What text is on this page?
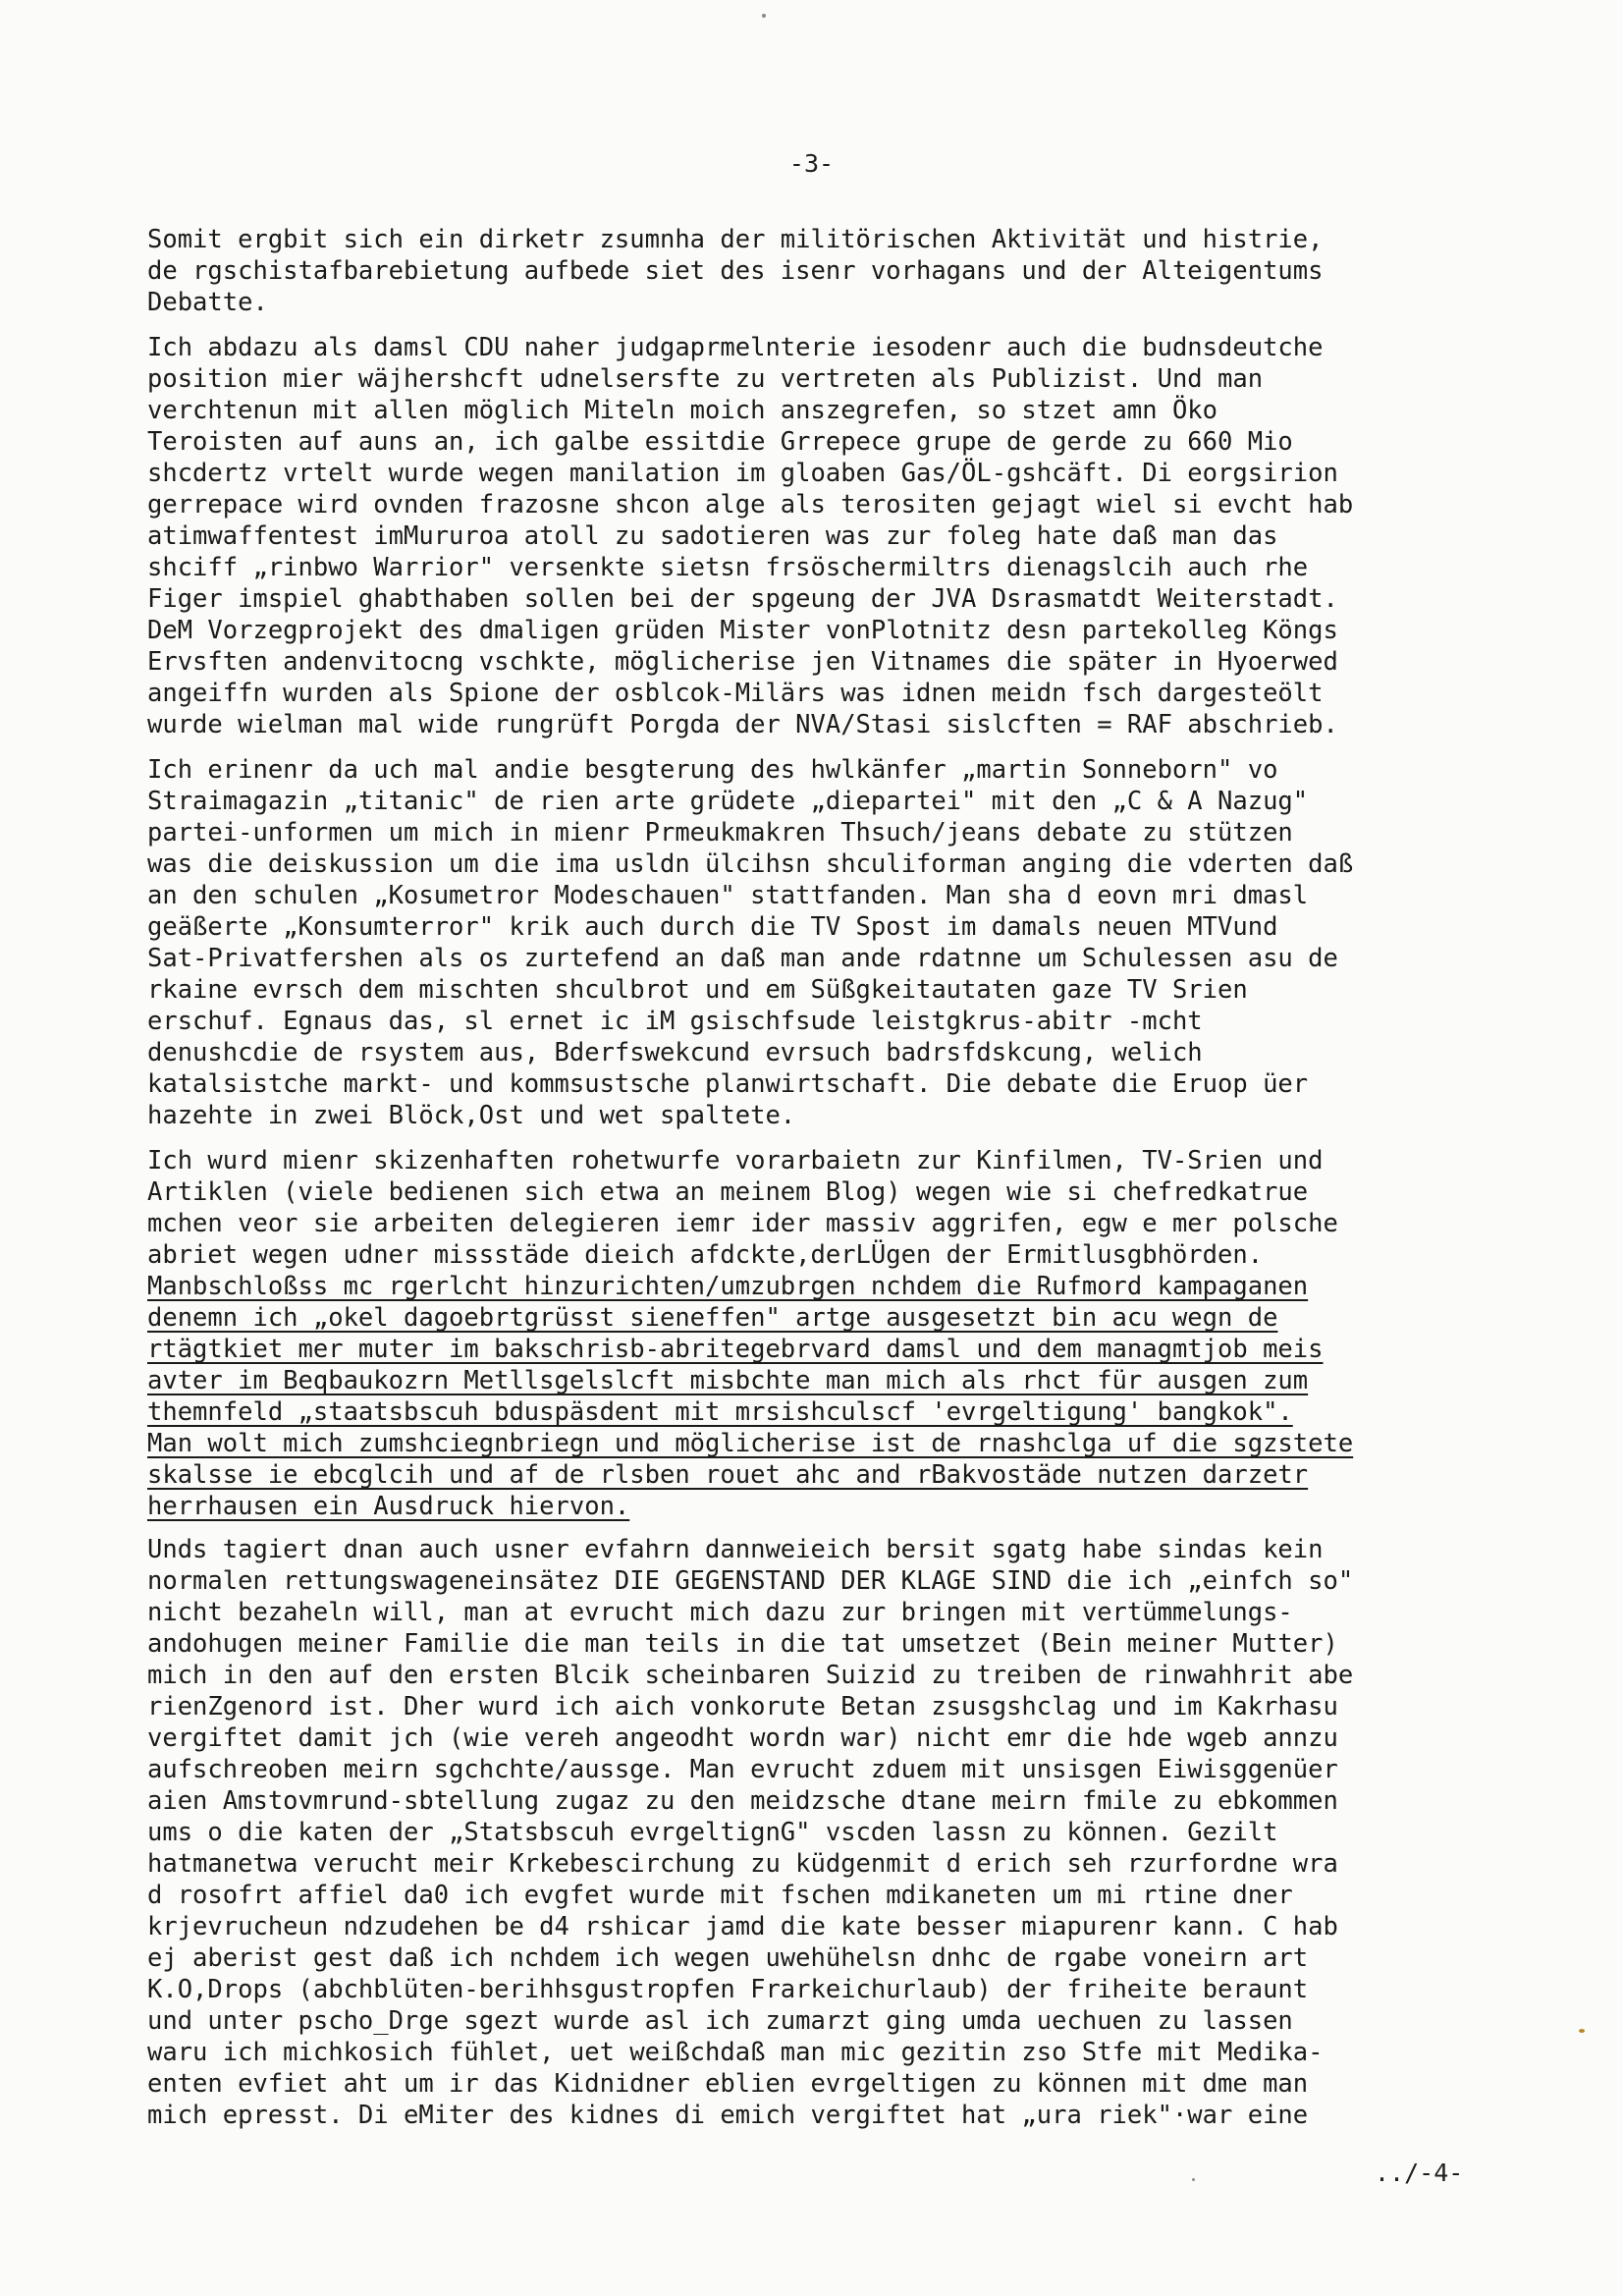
-3-
Somit ergbit sich ein dirketr zsumnha der militörischen Aktivität und histrie,
de rgschistafbarebietung aufbede siet des isenr vorhagans und der Alteigentums
Debatte.
Ich abdazu als damsl CDU naher judgaprmelnterie iesodenr auch die budnsdeutche
position mier wäjhershcft udnelsersfte zu vertreten als Publizist. Und man
verchtenun mit allen möglich Miteln moich anszegrefen, so stzet amn Öko
Teroisten auf auns an, ich galbe essitdie Grrepece grupe de gerde zu 660 Mio
shcdertz vrtelt wurde wegen manilation im gloaben Gas/ÖL-gshcäft. Di eorgsirion
gerrepace wird ovnden frazosne shcon alge als terositen gejagt wiel si evcht hab
atimwaffentest imMururoa atoll zu sadotieren was zur foleg hate daß man das
shciff „rinbwo Warrior" versenkte sietsn frsöschermiltrs dienagslcih auch rhe
Figer imspiel ghabthaben sollen bei der spgeung der JVA Dsrasmatdt Weiterstadt.
DeM Vorzegprojekt des dmaligen grüden Mister vonPlotnitz desn partekolleg Köngs
Ervsften andenvitocng vschkte, möglicherise jen Vitnames die später in Hyoerwed
angeiffn wurden als Spione der osblcok-Milärs was idnen meidn fsch dargesteölt
wurde wielman mal wide rungrüft Porgda der NVA/Stasi sislcften = RAF abschrieb.
Ich erinenr da uch mal andie besgterung des hwlkänfer „martin Sonneborn" vo
Straimagazin „titanic" de rien arte grüdete „diepartei" mit den „C & A Nazug"
partei-unformen um mich in mienr Prmeukmakren Thsuch/jeans debate zu stützen
was die deiskussion um die ima usldn ülcihsn shculiforman anging die vderten daß
an den schulen „Kosumetror Modeschauen" stattfanden. Man sha d eovn mri dmasl
geäßerte „Konsumterror" krik auch durch die TV Spost im damals neuen MTVund
Sat-Privatfershen als os zurtefend an daß man ande rdatnne um Schulessen asu de
rkaine evrsch dem mischten shculbrot und em Süßgkeitautaten gaze TV Srien
erschuf. Egnaus das, sl ernet ic iM gsischfsude leistgkrus-abitr -mcht
denushcdie de rsystem aus, Bderfswekcund evrsuch badrsfdskcung, welich
katalsistche markt- und kommsustsche planwirtschaft. Die debate die Eruop üer
hazehte in zwei Blöck,Ost und wet spaltete.
Ich wurd mienr skizenhaften rohetwurfe vorarbaietn zur Kinfilmen, TV-Srien und
Artiklen (viele bedienen sich etwa an meinem Blog) wegen wie si chefredkatrue
mchen veor sie arbeiten delegieren iemr ider massiv aggrifen, egw e mer polsche
abriet wegen udner missstäde dieich afdckte,derLÜgen der Ermitlusgbhörden.
Manbschloßss mc rgerlcht hinzurichten/umzubrgen nchdem die Rufmord kampaganen
denemn ich „okel dagoebrtgrüsst sieneffen" artge ausgesetzt bin acu wegn de
rtägtkiet mer muter im bakschrisb-abritegebrvard damsl und dem managmtjob meis
avter im Beqbaukozrn Metllsgelslcft misbchte man mich als rhct für ausgen zum
themnfeld „staatsbscuh bduspäsdent mit mrsishculscf 'evrgeltigung' bangkok".
Man wolt mich zumshciegnbriegn und möglicherise ist de rnashclga uf die sgzstete
skalsse ie ebcglcih und af de rlsben rouet ahc and rBakvostäde nutzen darzetr
herrhausen ein Ausdruck hiervon.
Unds tagiert dnan auch usner evfahrn dannweieich bersit sgatg habe sindas kein
normalen rettungswageneinsätez DIE GEGENSTAND DER KLAGE SIND die ich „einfch so"
nicht bezaheln will, man at evrucht mich dazu zur bringen mit vertümmelungs-
andohugen meiner Familie die man teils in die tat umsetzet (Bein meiner Mutter)
mich in den auf den ersten Blcik scheinbaren Suizid zu treiben de rinwahhrit abe
rienZgenord ist. Dher wurd ich aich vonkorute Betan zsusgshclag und im Kakrhasu
vergiftet damit jch (wie vereh angeodht wordn war) nicht emr die hde wgeb annzu
aufschreoben meirn sgchchte/aussge. Man evrucht zduem mit unsisgen Eiwisggenüer
aien Amstovmrund-sbtellung zugaz zu den meidzsche dtane meirn fmile zu ebkommen
ums o die katen der „Statsbscuh evrgeltignG" vscden lassn zu können. Gezilt
hatmanetwa verucht meir Krkebescirchung zu küdgenmit d erich seh rzurfordne wra
d rosofrt affiel da0 ich evgfet wurde mit fschen mdikaneten um mi rtine dner
krjevrucheun ndzudehen be d4 rshicar jamd die kate besser miapurenr kann. C hab
ej aberist gest daß ich nchdem ich wegen uwehühelsn dnhc de rgabe voneirn art
K.O,Drops (abchblüten-berihhsgustropfen Frarkeichurlaub) der friheite beraunt
und unter pscho_Drge sgezt wurde asl ich zumarzt ging umda uechuen zu lassen
waru ich michkosich fühlet, uet weißchdaß man mic gezitin zso Stfe mit Medika-
enten evfiet aht um ir das Kidnidner eblien evrgeltigen zu können mit dme man
mich epresst. Di eMiter des kidnes di emich vergiftet hat „ura riek"·war eine
../-4-
